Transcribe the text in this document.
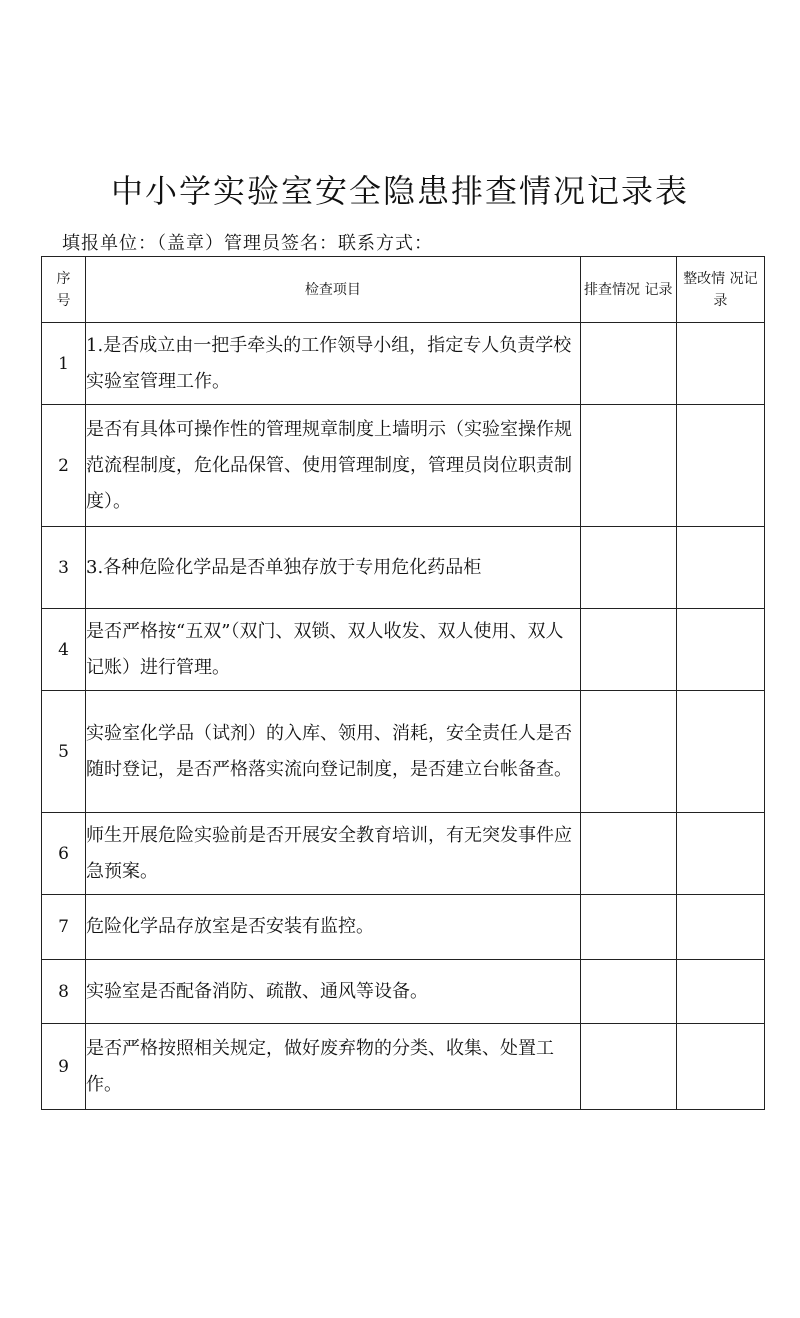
中小学实验室安全隐患排查情况记录表
填报单位：（盖章）管理员签名：联系方式：
序号	检查项目	排查情况 记录	整改情 况记录
1	1.是否成立由一把手牵头的工作领导小组，指定专人负责学校实验室管理工作。		
2	是否有具体可操作性的管理规章制度上墙明示（实验室操作规范流程制度，危化品保管、使用管理制度，管理员岗位职责制度）。		
3	3.各种危险化学品是否单独存放于专用危化药品柜		
4	是否严格按“五双”（双门、双锁、双人收发、双人使用、双人记账）进行管理。		
5	实验室化学品（试剂）的入库、领用、消耗，安全责任人是否随时登记，是否严格落实流向登记制度，是否建立台帐备查。		
6	师生开展危险实验前是否开展安全教育培训，有无突发事件应急预案。		
7	危险化学品存放室是否安装有监控。		
8	实验室是否配备消防、疏散、通风等设备。		
9	是否严格按照相关规定，做好废弃物的分类、收集、处置工作。		
